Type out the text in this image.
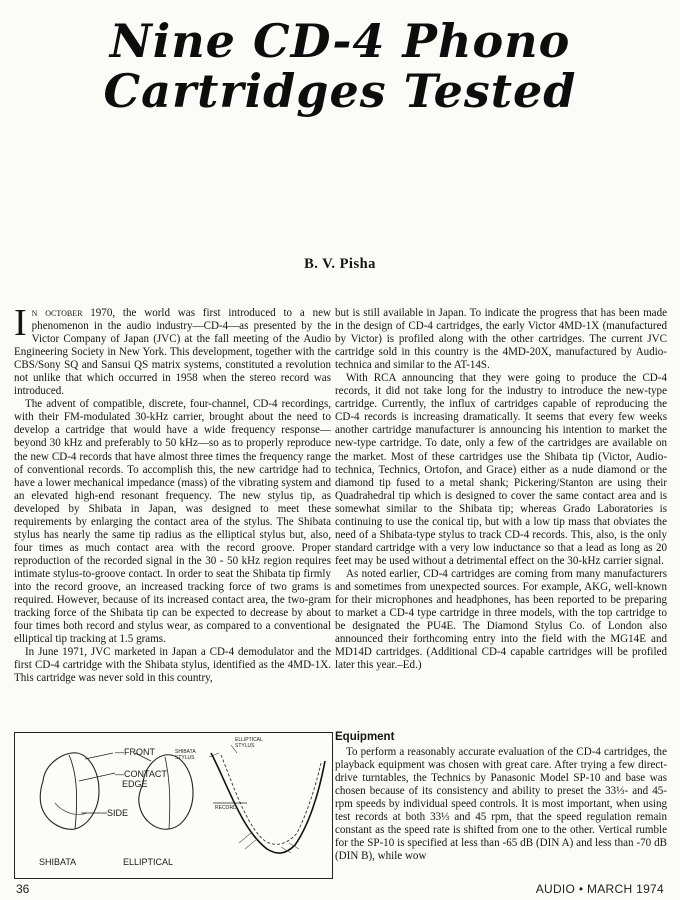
Nine CD-4 Phono
Cartridges Tested
B. V. Pisha

In october 1970, the world was first introduced to a new phenomenon in the audio industry—CD-4—as presented by the Victor Company of Japan (JVC) at the fall meeting of the Audio Engineering Society in New York. This development, together with the CBS/Sony SQ and Sansui QS matrix systems, constituted a revolution not unlike that which occurred in 1958 when the stereo record was introduced.

The advent of compatible, discrete, four-channel, CD-4 recordings, with their FM-modulated 30-kHz carrier, brought about the need to develop a cartridge that would have a wide frequency response—beyond 30 kHz and preferably to 50 kHz—so as to properly reproduce the new CD-4 records that have almost three times the frequency range of conventional records. To accomplish this, the new cartridge had to have a lower mechanical impedance (mass) of the vibrating system and an elevated high-end resonant frequency. The new stylus tip, as developed by Shibata in Japan, was designed to meet these requirements by enlarging the contact area of the stylus. The Shibata stylus has nearly the same tip radius as the elliptical stylus but, also, four times as much contact area with the record groove. Proper reproduction of the recorded signal in the 30 - 50 kHz region requires intimate stylus-to-groove contact. In order to seat the Shibata tip firmly into the record groove, an increased tracking force of two grams is required. However, because of its increased contact area, the two-gram tracking force of the Shibata tip can be expected to decrease by about four times both record and stylus wear, as compared to a conventional elliptical tip tracking at 1.5 grams.

In June 1971, JVC marketed in Japan a CD-4 demodulator and the first CD-4 cartridge with the Shibata stylus, identified as the 4MD-1X. This cartridge was never sold in this country,

but is still available in Japan. To indicate the progress that has been made in the design of CD-4 cartridges, the early Victor 4MD-1X (manufactured by Victor) is profiled along with the other cartridges. The current JVC cartridge sold in this country is the 4MD-20X, manufactured by Audio-technica and similar to the AT-14S.

With RCA announcing that they were going to produce the CD-4 records, it did not take long for the industry to introduce the new-type cartridge. Currently, the influx of cartridges capable of reproducing the CD-4 records is increasing dramatically. It seems that every few weeks another cartridge manufacturer is announcing his intention to market the new-type cartridge. To date, only a few of the cartridges are available on the market. Most of these cartridges use the Shibata tip (Victor, Audio-technica, Technics, Ortofon, and Grace) either as a nude diamond or the diamond tip fused to a metal shank; Pickering/Stanton are using their Quadrahedral tip which is designed to cover the same contact area and is somewhat similar to the Shibata tip; whereas Grado Laboratories is continuing to use the conical tip, but with a low tip mass that obviates the need of a Shibata-type stylus to track CD-4 records. This, also, is the only standard cartridge with a very low inductance so that a lead as long as 20 feet may be used without a detrimental effect on the 30-kHz carrier signal.

As noted earlier, CD-4 cartridges are coming from many manufacturers and sometimes from unexpected sources. For example, AKG, well-known for their microphones and headphones, has been reported to be preparing to market a CD-4 type cartridge in three models, with the top cartridge to be designated the PU4E. The Diamond Stylus Co. of London also announced their forthcoming entry into the field with the MG14E and MD14D cartridges. (Additional CD-4 capable cartridges will be profiled later this year.–Ed.)

Equipment

To perform a reasonably accurate evaluation of the CD-4 cartridges, the playback equipment was chosen with great care. After trying a few direct-drive turntables, the Technics by Panasonic Model SP-10 and base was chosen because of its consistency and ability to preset the 33⅓- and 45-rpm speeds by individual speed controls. It is most important, when using test records at both 33⅓ and 45 rpm, that the speed regulation remain constant as the speed rate is shifted from one to the other. Vertical rumble for the SP-10 is specified at less than -65 dB (DIN A) and less than -70 dB (DIN B), while wow

—FRONT
—CONTACT
EDGE
SIDE
SHIBATA	ELLIPTICAL
SHIBATA
STYLUS
ELLIPTICAL
STYLUS
RECORD
36	AUDIO • MARCH 1974
